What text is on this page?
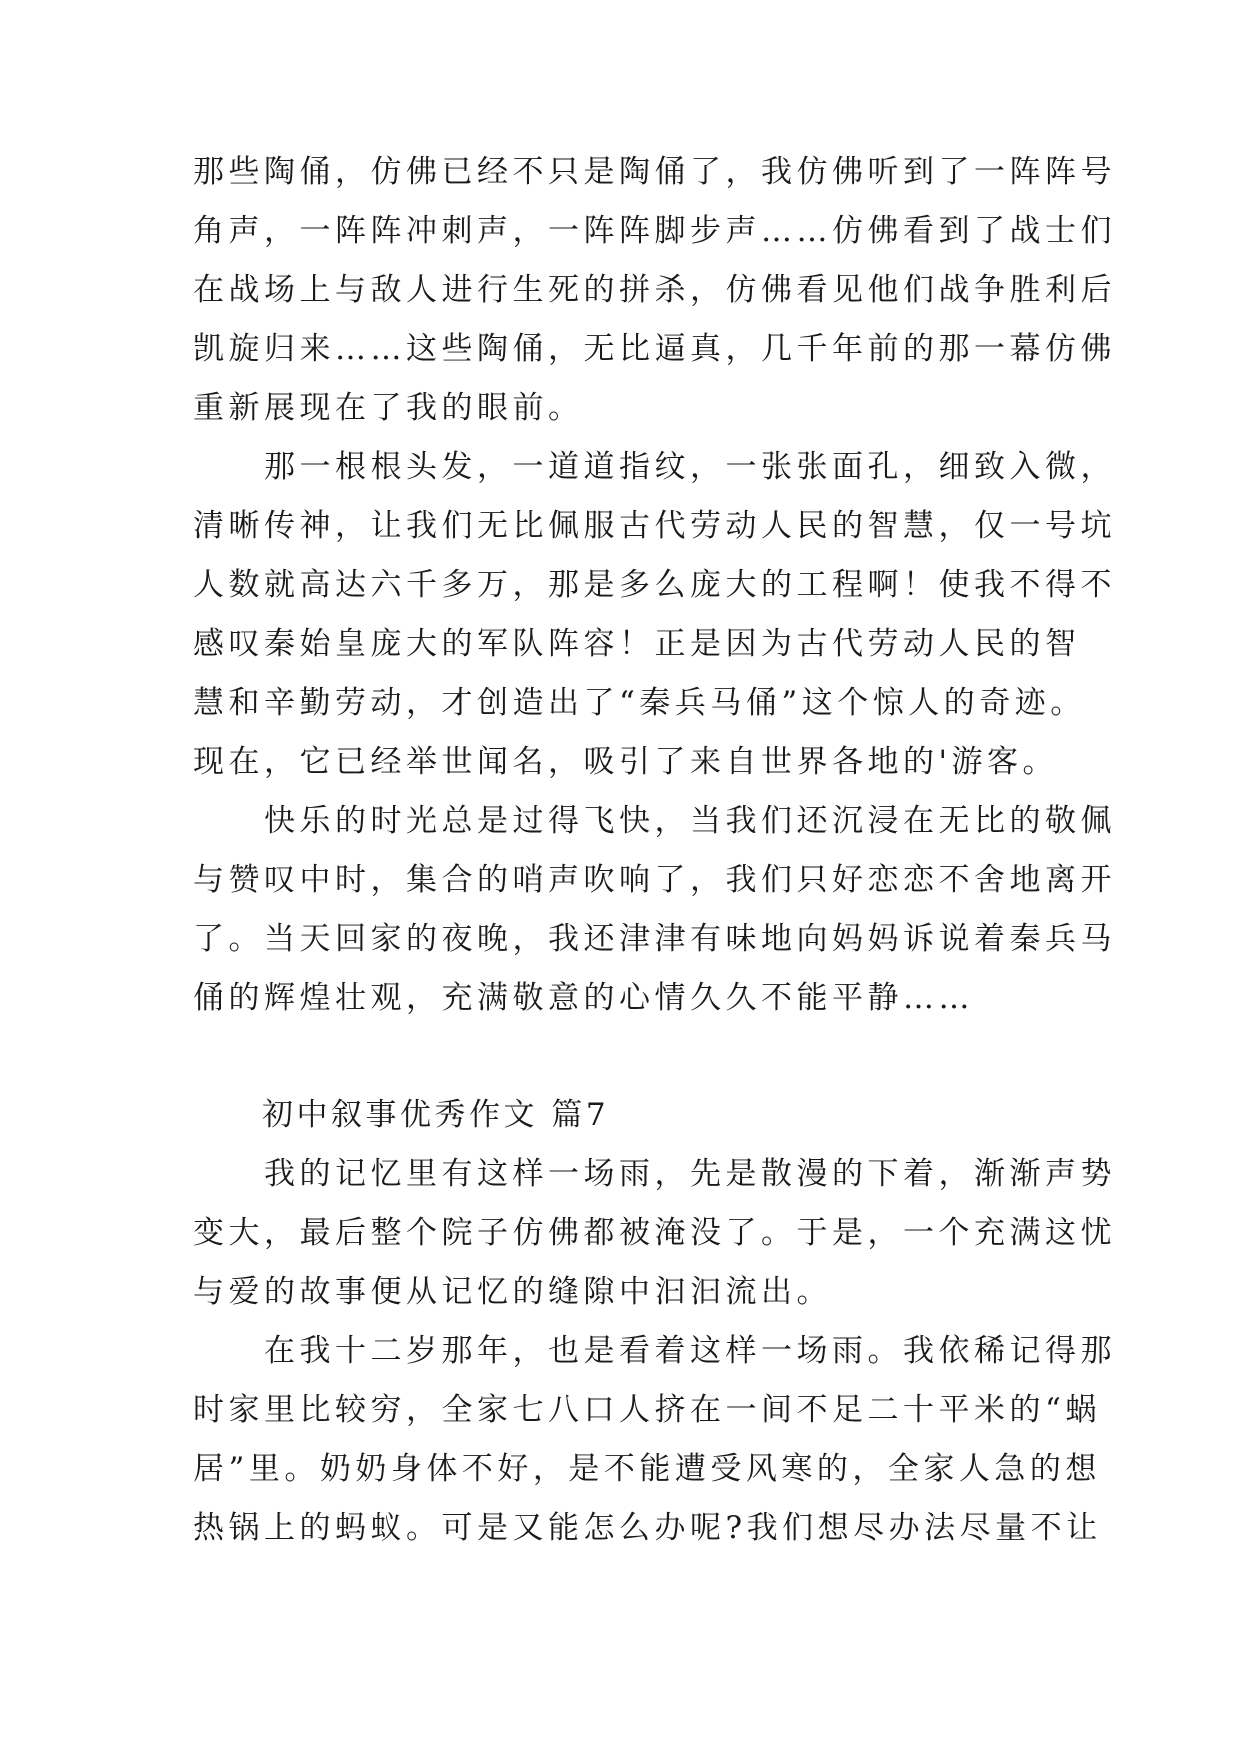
那些陶俑，仿佛已经不只是陶俑了，我仿佛听到了一阵阵号

角声，一阵阵冲刺声，一阵阵脚步声……仿佛看到了战士们

在战场上与敌人进行生死的拼杀，仿佛看见他们战争胜利后

凯旋归来……这些陶俑，无比逼真，几千年前的那一幕仿佛

重新展现在了我的眼前。

　　那一根根头发，一道道指纹，一张张面孔，细致入微，

清晰传神，让我们无比佩服古代劳动人民的智慧，仅一号坑

人数就高达六千多万，那是多么庞大的工程啊！使我不得不

感叹秦始皇庞大的军队阵容！正是因为古代劳动人民的智

慧和辛勤劳动，才创造出了“秦兵马俑”这个惊人的奇迹。

现在，它已经举世闻名，吸引了来自世界各地的'游客。

　　快乐的时光总是过得飞快，当我们还沉浸在无比的敬佩

与赞叹中时，集合的哨声吹响了，我们只好恋恋不舍地离开

了。当天回家的夜晚，我还津津有味地向妈妈诉说着秦兵马

俑的辉煌壮观，充满敬意的心情久久不能平静……

　　初中叙事优秀作文 篇7

　　我的记忆里有这样一场雨，先是散漫的下着，渐渐声势

变大，最后整个院子仿佛都被淹没了。于是，一个充满这忧

与爱的故事便从记忆的缝隙中汩汩流出。

　　在我十二岁那年，也是看着这样一场雨。我依稀记得那

时家里比较穷，全家七八口人挤在一间不足二十平米的“蜗

居”里。奶奶身体不好，是不能遭受风寒的，全家人急的想

热锅上的蚂蚁。可是又能怎么办呢?我们想尽办法尽量不让
